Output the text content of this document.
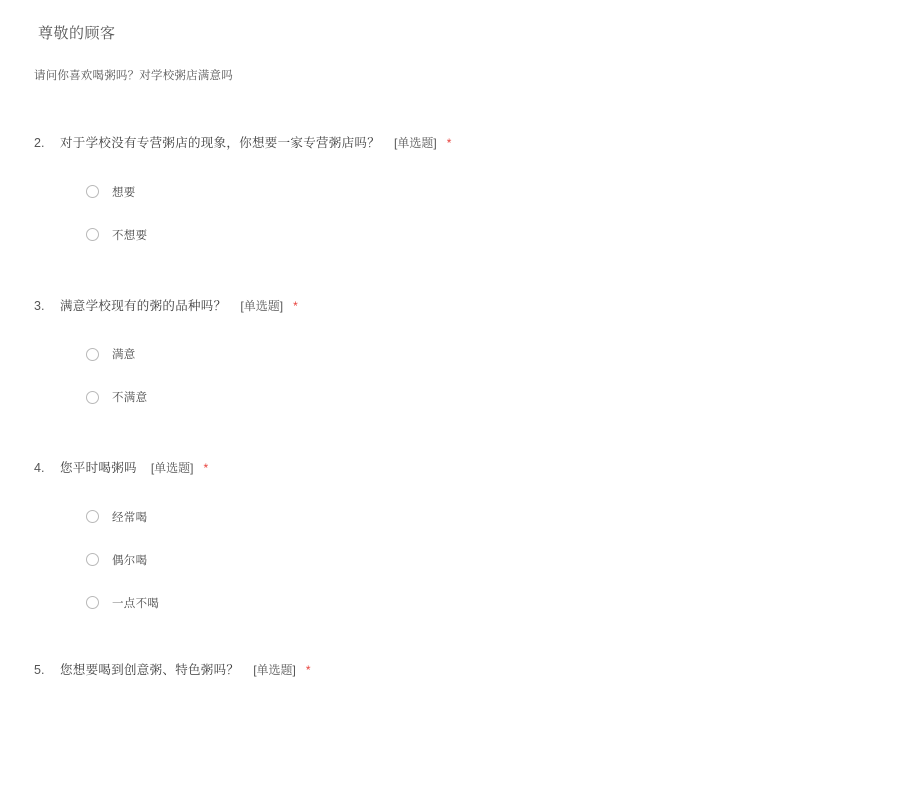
尊敬的顾客

请问你喜欢喝粥吗？对学校粥店满意吗

2.	对于学校没有专营粥店的现象，你想要一家专营粥店吗？ [单选题] *
想要
不想要
3.	满意学校现有的粥的品种吗？ [单选题] *
满意
不满意
4.	您平时喝粥吗 [单选题] *
经常喝
偶尔喝
一点不喝
5.	您想要喝到创意粥、特色粥吗？ [单选题] *
